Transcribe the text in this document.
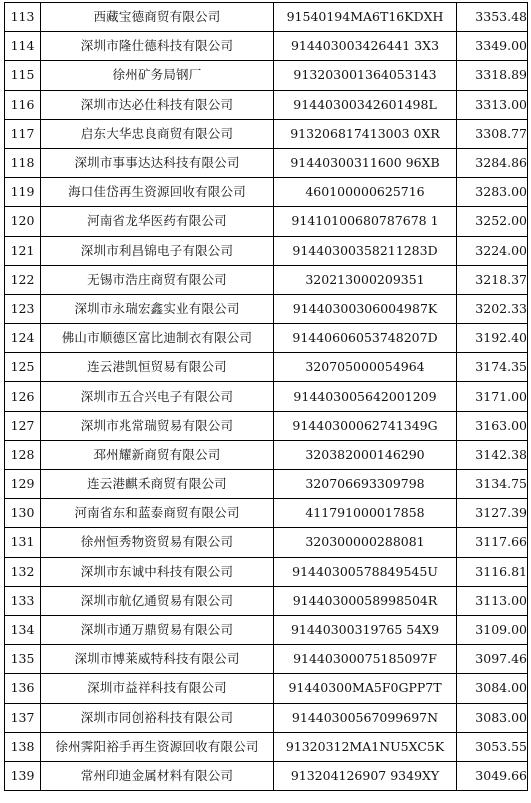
113	西藏宝德商贸有限公司	91540194MA6T16KDXH	3353.48
114	深圳市隆仕德科技有限公司	914403003426441 3X3	3349.00
115	徐州矿务局钢厂	913203001364053143	3318.89
116	深圳市达必仕科技有限公司	91440300342601498L	3313.00
117	启东大华忠良商贸有限公司	913206817413003 0XR	3308.77
118	深圳市事事达达科技有限公司	91440300311600 96XB	3284.86
119	海口佳岱再生资源回收有限公司	460100000625716	3283.00
120	河南省龙华医药有限公司	91410100680787678 1	3252.00
121	深圳市利昌锦电子有限公司	91440300358211283D	3224.00
122	无锡市浩庄商贸有限公司	320213000209351	3218.37
123	深圳市永瑞宏鑫实业有限公司	91440300306004987K	3202.33
124	佛山市顺德区富比迪制衣有限公司	91440606053748207D	3192.40
125	连云港凯恒贸易有限公司	320705000054964	3174.35
126	深圳市五合兴电子有限公司	914403005642001209	3171.00
127	深圳市兆常瑞贸易有限公司	91440300062741349G	3163.00
128	邳州耀新商贸有限公司	320382000146290	3142.38
129	连云港麒禾商贸有限公司	320706693309798	3134.75
130	河南省东和蓝泰商贸有限公司	411791000017858	3127.39
131	徐州恒秀物资贸易有限公司	320300000288081	3117.66
132	深圳市东诚中科技有限公司	91440300578849545U	3116.81
133	深圳市航亿通贸易有限公司	91440300058998504R	3113.00
134	深圳市通万鼎贸易有限公司	91440300319765 54X9	3109.00
135	深圳市博莱威特科技有限公司	91440300075185097F	3097.46
136	深圳市益祥科技有限公司	91440300MA5F0GPP7T	3084.00
137	深圳市同创裕科技有限公司	91440300567099697N	3083.00
138	徐州霁阳裕手再生资源回收有限公司	91320312MA1NU5XC5K	3053.55
139	常州印迪金属材料有限公司	913204126907 9349XY	3049.66
